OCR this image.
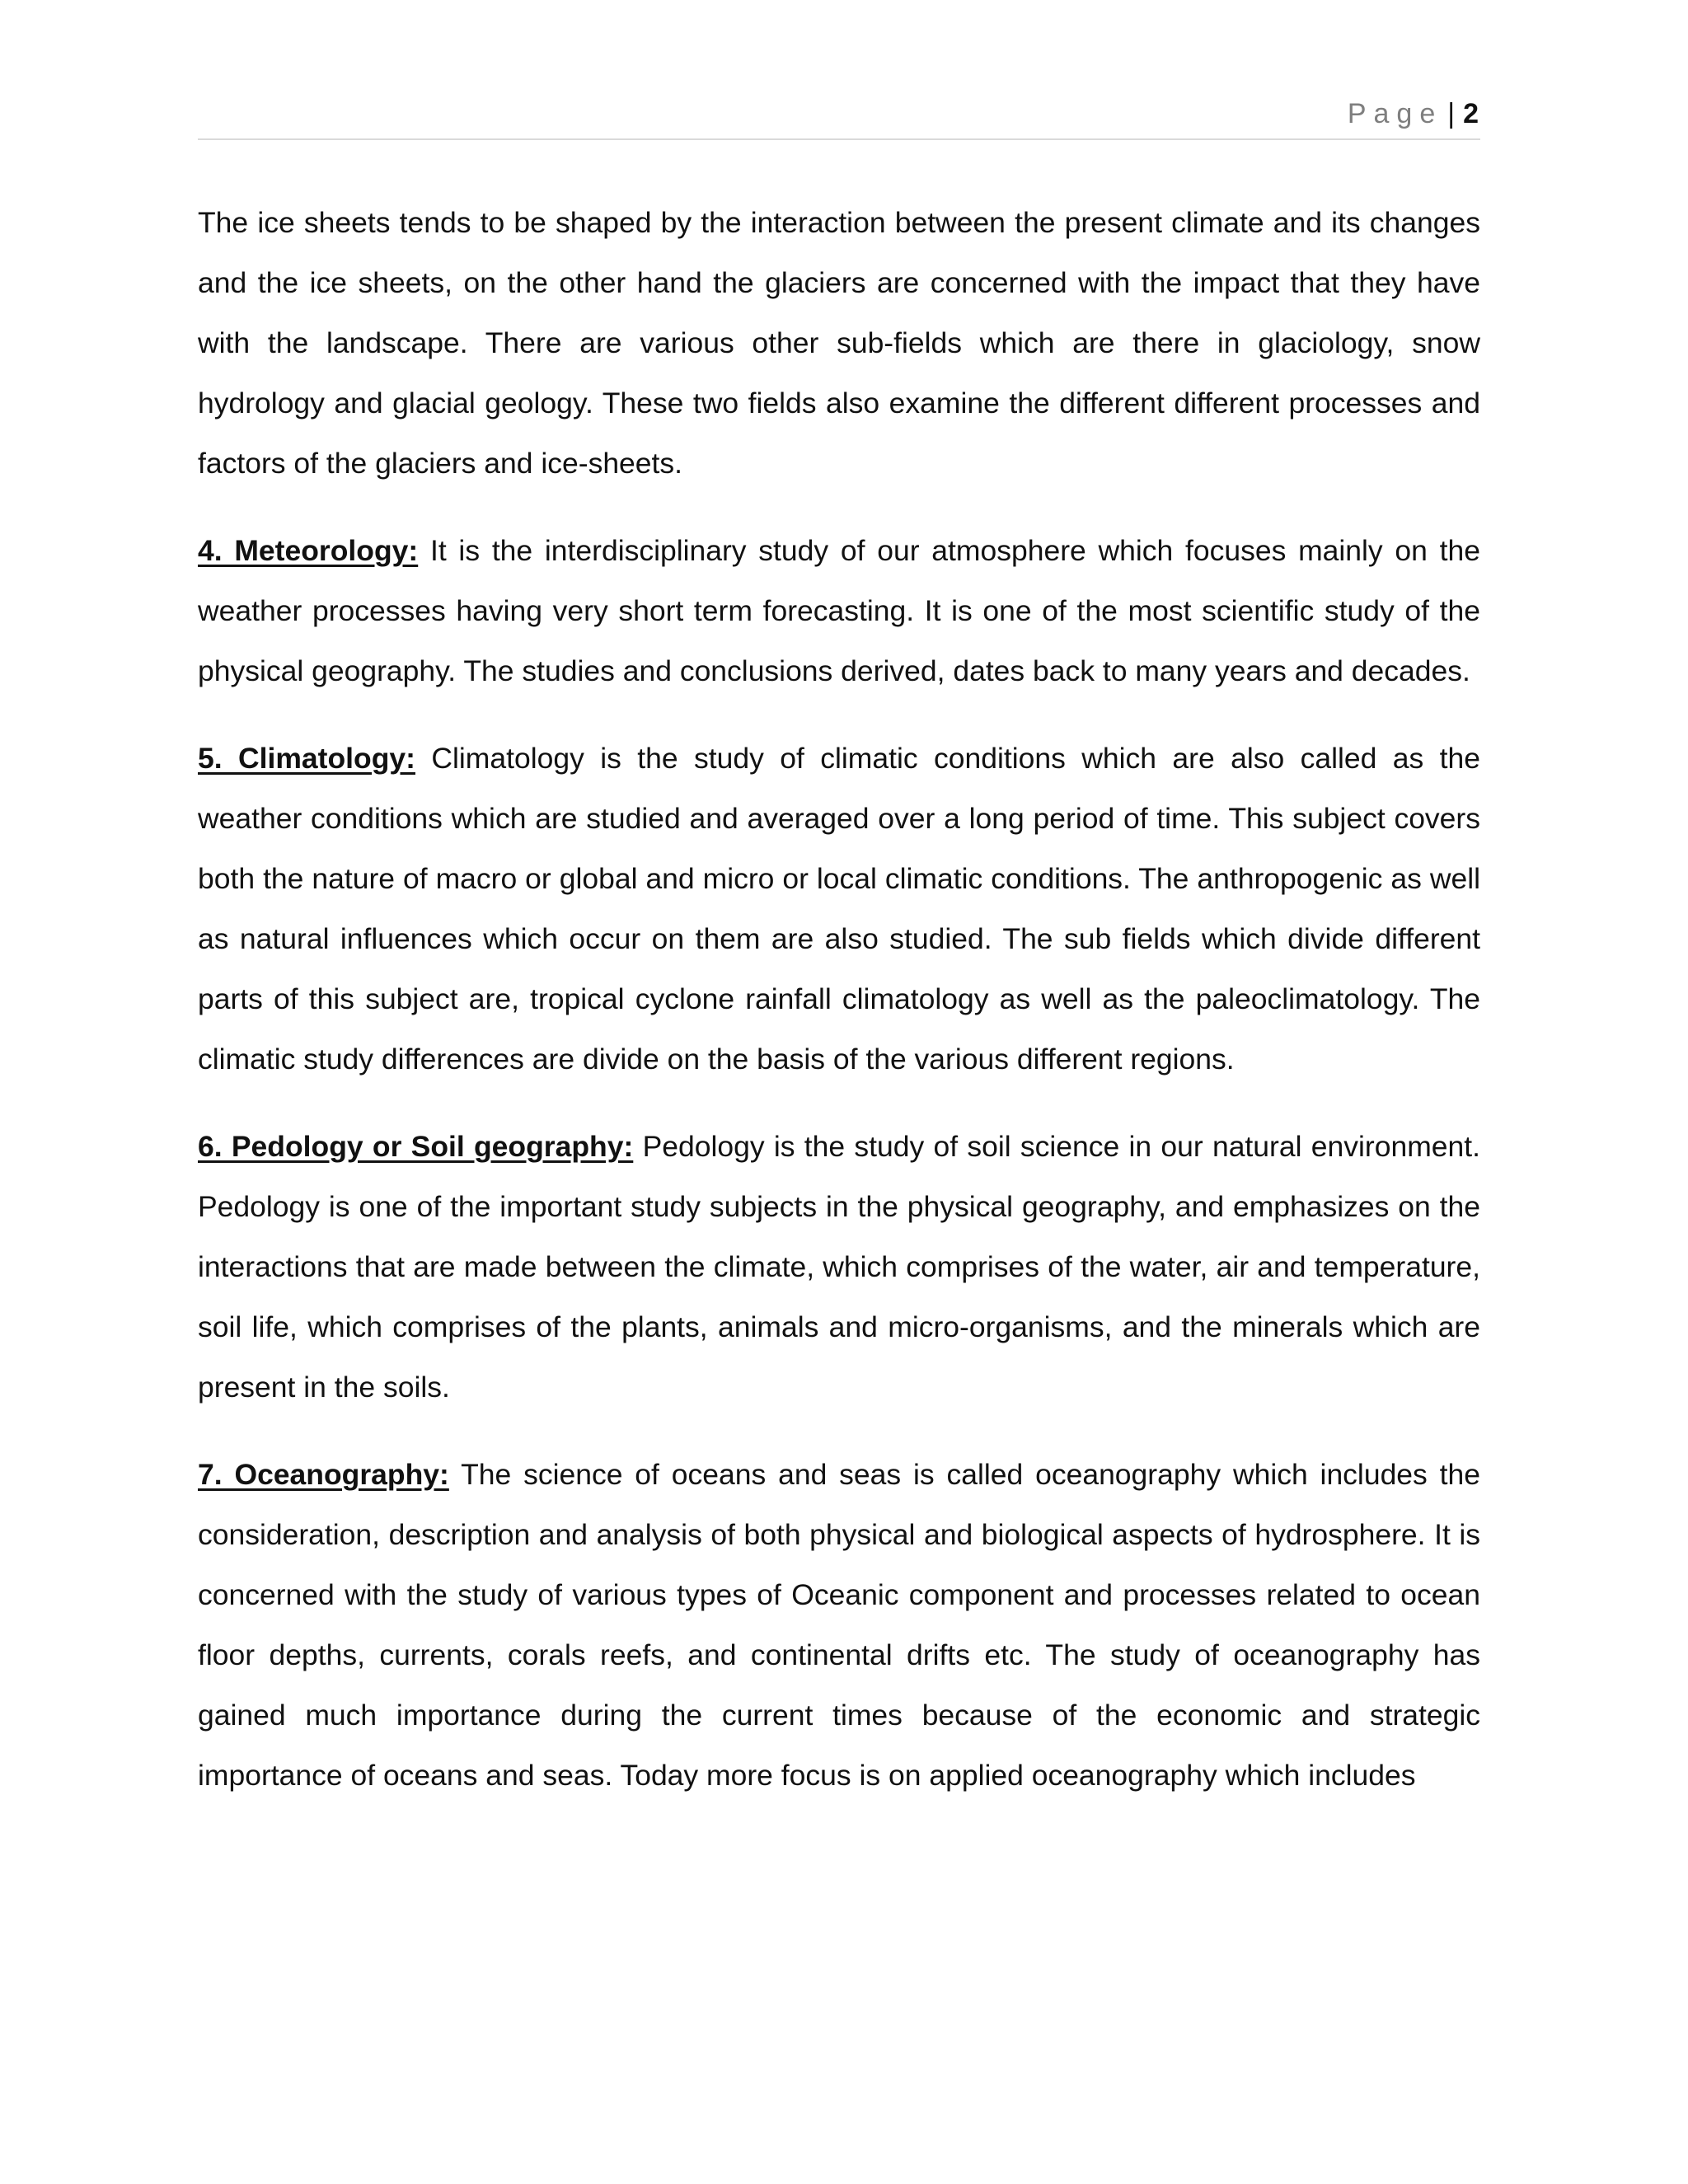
Page | 2

The ice sheets tends to be shaped by the interaction between the present climate and its changes and the ice sheets, on the other hand the glaciers are concerned with the impact that they have with the landscape. There are various other sub-fields which are there in glaciology, snow hydrology and glacial geology. These two fields also examine the different different processes and factors of the glaciers and ice-sheets.

4. Meteorology: It is the interdisciplinary study of our atmosphere which focuses mainly on the weather processes having very short term forecasting. It is one of the most scientific study of the physical geography. The studies and conclusions derived, dates back to many years and decades.

5. Climatology: Climatology is the study of climatic conditions which are also called as the weather conditions which are studied and averaged over a long period of time. This subject covers both the nature of macro or global and micro or local climatic conditions. The anthropogenic as well as natural influences which occur on them are also studied. The sub fields which divide different parts of this subject are, tropical cyclone rainfall climatology as well as the paleoclimatology. The climatic study differences are divide on the basis of the various different regions.

6. Pedology or Soil geography: Pedology is the study of soil science in our natural environment. Pedology is one of the important study subjects in the physical geography, and emphasizes on the interactions that are made between the climate, which comprises of the water, air and temperature, soil life, which comprises of the plants, animals and micro-organisms, and the minerals which are present in the soils.

7. Oceanography: The science of oceans and seas is called oceanography which includes the consideration, description and analysis of both physical and biological aspects of hydrosphere. It is concerned with the study of various types of Oceanic component and processes related to ocean floor depths, currents, corals reefs, and continental drifts etc. The study of oceanography has gained much importance during the current times because of the economic and strategic importance of oceans and seas. Today more focus is on applied oceanography which includes
